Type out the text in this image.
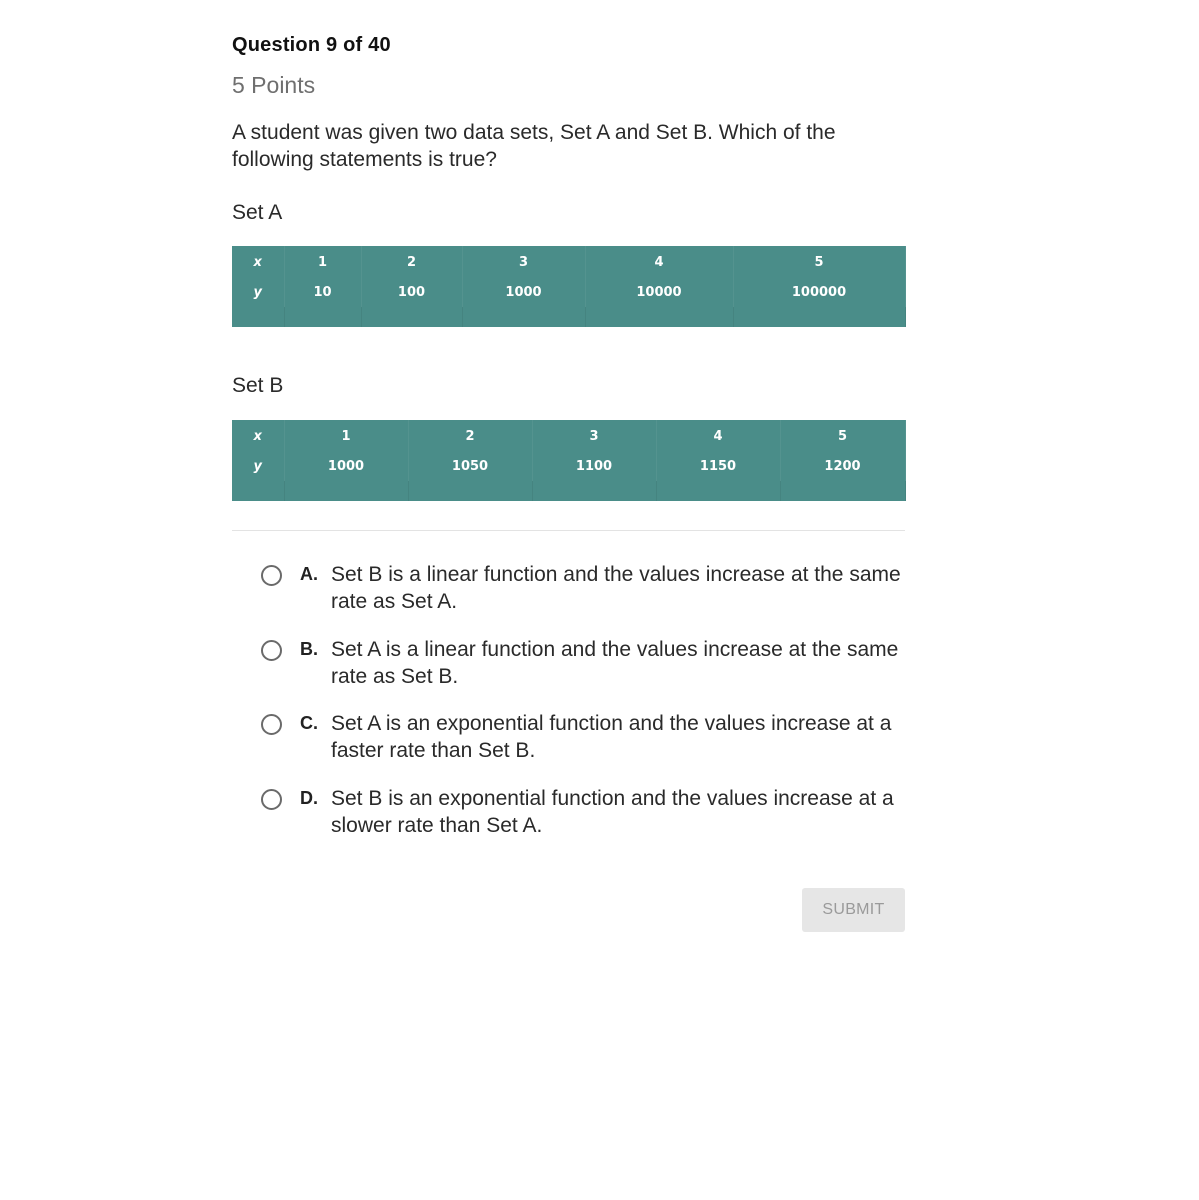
Question 9 of 40
5 Points
A student was given two data sets, Set A and Set B. Which of the following statements is true?
Set A
x	1	2	3	4	5
y	10	100	1000	10000	100000

Set B
x	1	2	3	4	5
y	1000	1050	1100	1150	1200

A. Set B is a linear function and the values increase at the same rate as Set A.
B. Set A is a linear function and the values increase at the same rate as Set B.
C. Set A is an exponential function and the values increase at a faster rate than Set B.
D. Set B is an exponential function and the values increase at a slower rate than Set A.
SUBMIT
